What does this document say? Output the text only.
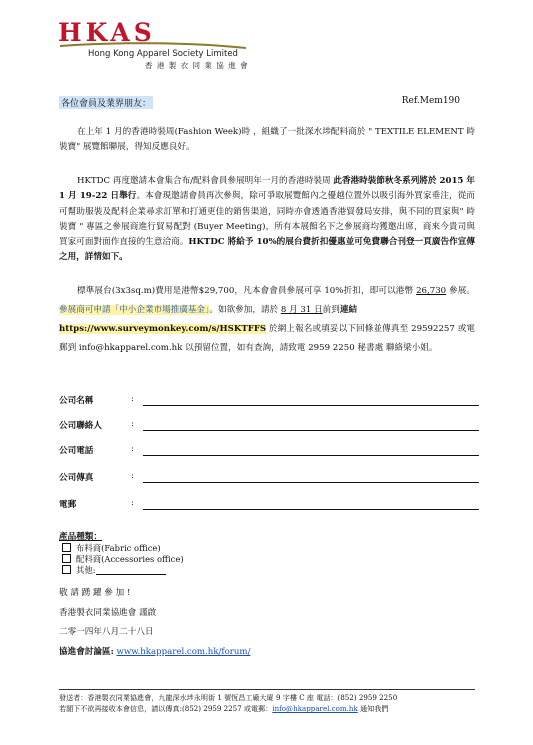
HKAS
Hong Kong Apparel Society Limited
香 港 製 衣 同 業 協 進 會
各位會員及業界朋友：	Ref.Mem190

在上年 1 月的香港時裝周(Fashion Week)時 ，組織了一批深水埗配料商於 " TEXTILE ELEMENT 時裝寶" 展覽館聯展，得知反應良好。

HKTDC 再度邀請本會集合布/配料會員參展明年一月的香港時裝周 此香港時裝節秋冬系列將於 2015 年 1 月 19-22 日舉行。本會現邀請會員再次參與，除可爭取展覽館內之優越位置外以吸引海外買家垂注，從而可幫助服裝及配料企業尋求訂單和打通更佳的銷售渠道，同時亦會透過香港貿發局安排，與不同的買家與" 時裝寶 " 專區之參展商進行貿易配對 (Buyer Meeting)，所有本展館名下之參展商均獲邀出席，商來今貴司與買家可面對面作直接的生意洽商。HKTDC 將給予 10%的展台費折扣優惠並可免費聯合刊登一頁廣告作宣傳之用，詳情如下。

標準展台(3x3sq.m)費用是港幣$29,700，凡本會會員參展可享 10%折扣，即可以港幣 26,730 參展。參展商可申請「中小企業市場推廣基金」。如欲參加，請於 8 月 31 日前到連結
https://www.surveymonkey.com/s/HSKTFFS 於網上報名或填妥以下回條並傳真至 29592257 或電郵到 info@hkapparel.com.hk 以預留位置，如有查詢，請致電 2959 2250 秘書處 聯絡梁小姐。

公司名稱	:
公司聯絡人	:
公司電話	:
公司傳真	:
電郵	:
產品種類：
布料商(Fabric office)
配料商(Accessories office)
其他:
敬 請 踴 躍 參 加 !
香港製衣同業協進會 謹啟
二零一四年八月二十八日
協進會討論區: www.hkapparel.com.hk/forum/
發送者：香港製衣同業協進會，九龍深水埗永明街 1 號恆昌工廠大廈 9 字樓 C 座 電話：(852) 2959 2250
若閣下不欲再接收本會信息，請以傳真:(852) 2959 2257 或電郵：info@hkapparel.com.hk 通知我們
